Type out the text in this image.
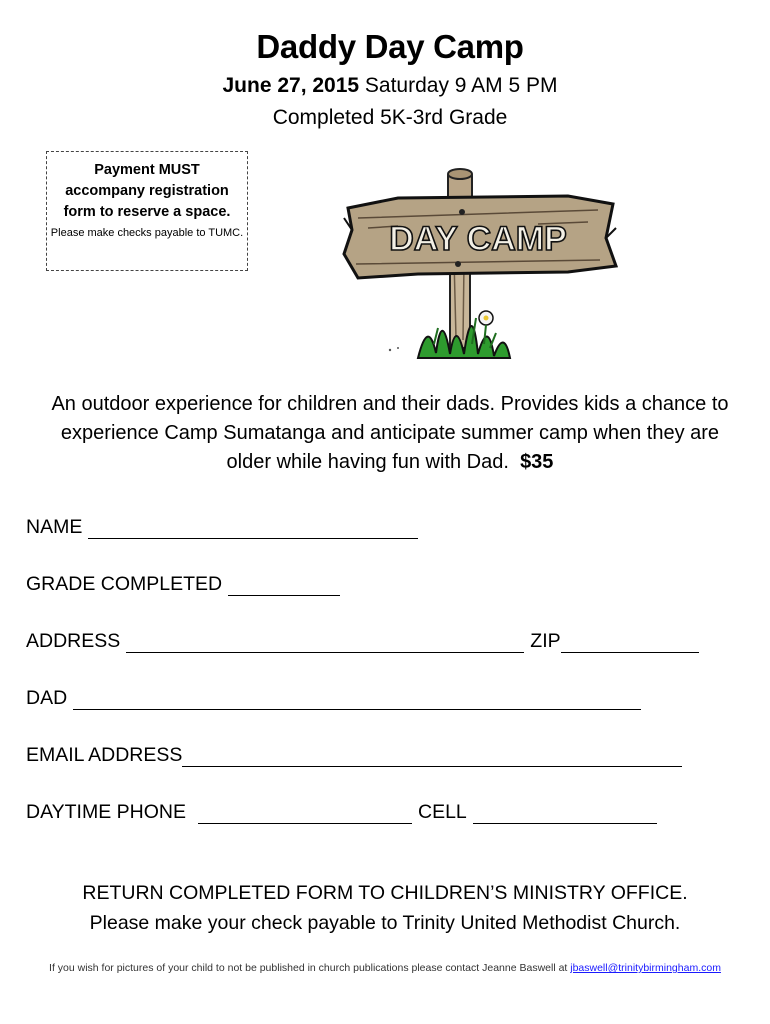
Daddy Day Camp
June 27, 2015 Saturday 9 AM 5 PM
Completed 5K-3rd Grade
Payment MUST
accompany registration
form to reserve a space.
Please make checks payable to TUMC.	DAY CAMP
An outdoor experience for children and their dads. Provides kids a chance to experience Camp Sumatanga and anticipate summer camp when they are older while having fun with Dad. $35
NAME
GRADE COMPLETED
ADDRESS	ZIP
DAD
EMAIL ADDRESS
DAYTIME PHONE	CELL
RETURN COMPLETED FORM TO CHILDREN’S MINISTRY OFFICE.
Please make your check payable to Trinity United Methodist Church.
If you wish for pictures of your child to not be published in church publications please contact Jeanne Baswell at jbaswell@trinitybirmingham.com
